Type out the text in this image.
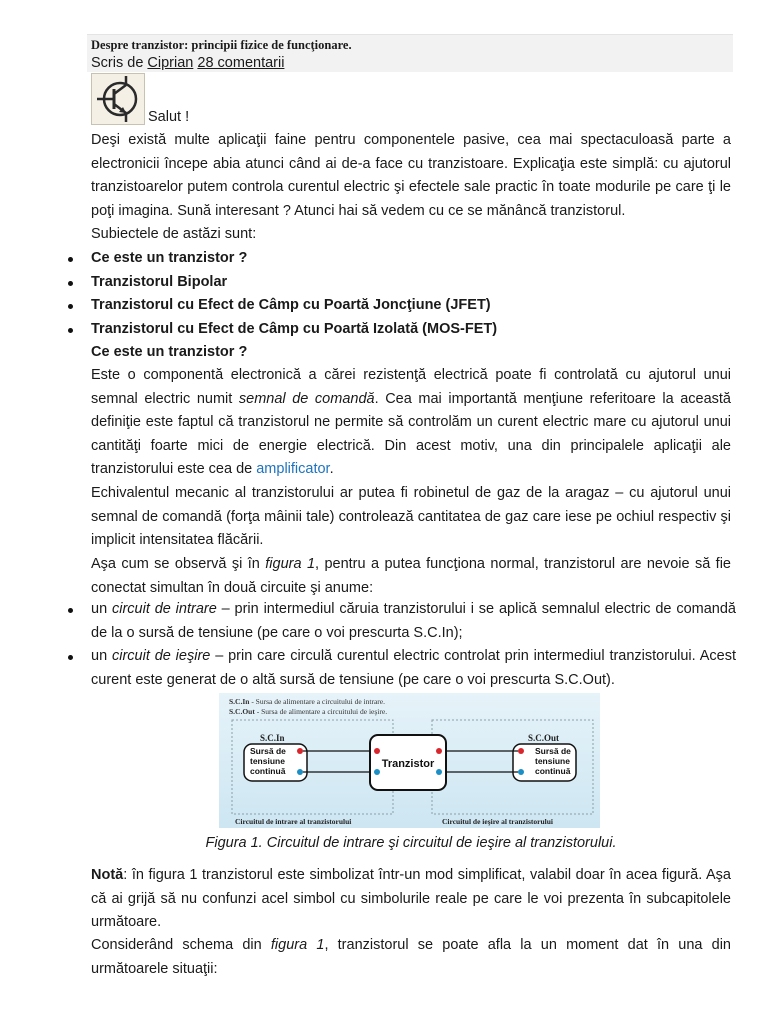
Despre tranzistor: principii fizice de funcţionare.
Scris de Ciprian 28 comentarii
Salut !

Deşi există multe aplicaţii faine pentru componentele pasive, cea mai spectaculoasă parte a electronicii începe abia atunci când ai de-a face cu tranzistoare. Explicaţia este simplă: cu ajutorul tranzistoarelor putem controla curentul electric şi efectele sale practic în toate modurile pe care ţi le poţi imagina. Sună interesant ? Atunci hai să vedem cu ce se mănâncă tranzistorul.

Subiectele de astăzi sunt:

Ce este un tranzistor ?
Tranzistorul Bipolar
Tranzistorul cu Efect de Câmp cu Poartă Joncţiune (JFET)
Tranzistorul cu Efect de Câmp cu Poartă Izolată (MOS-FET)

Ce este un tranzistor ?

Este o componentă electronică a cărei rezistenţă electrică poate fi controlată cu ajutorul unui semnal electric numit semnal de comandă. Cea mai importantă menţiune referitoare la această definiţie este faptul că tranzistorul ne permite să controlăm un curent electric mare cu ajutorul unui cantităţi foarte mici de energie electrică. Din acest motiv, una din principalele aplicaţii ale tranzistorului este cea de amplificator.

Echivalentul mecanic al tranzistorului ar putea fi robinetul de gaz de la aragaz – cu ajutorul unui semnal de comandă (forţa mâinii tale) controlează cantitatea de gaz care iese pe ochiul respectiv şi implicit intensitatea flăcării.

Aşa cum se observă şi în figura 1, pentru a putea funcţiona normal, tranzistorul are nevoie să fie conectat simultan în două circuite şi anume:

un circuit de intrare – prin intermediul căruia tranzistorului i se aplică semnalul electric de comandă de la o sursă de tensiune (pe care o voi prescurta S.C.In);
un circuit de ieşire – prin care circulă curentul electric controlat prin intermediul tranzistorului. Acest curent este generat de o altă sursă de tensiune (pe care o voi prescurta S.C.Out).
S.C.In - Sursa de alimentare a circuitului de intrare.
S.C.Out - Sursa de alimentare a circuitului de ieşire.
S.C.In	S.C.Out
Sursă de
tensiune
continuă
Sursă de
tensiune
continuă
Tranzistor
Circuitul de intrare al tranzistorului	Circuitul de ieşire al tranzistorului
Figura 1. Circuitul de intrare şi circuitul de ieşire al tranzistorului.

Notă: în figura 1 tranzistorul este simbolizat într-un mod simplificat, valabil doar în acea figură. Aşa că ai grijă să nu confunzi acel simbol cu simbolurile reale pe care le voi prezenta în subcapitolele următoare.

Considerând schema din figura 1, tranzistorul se poate afla la un moment dat în una din următoarele situaţii:
